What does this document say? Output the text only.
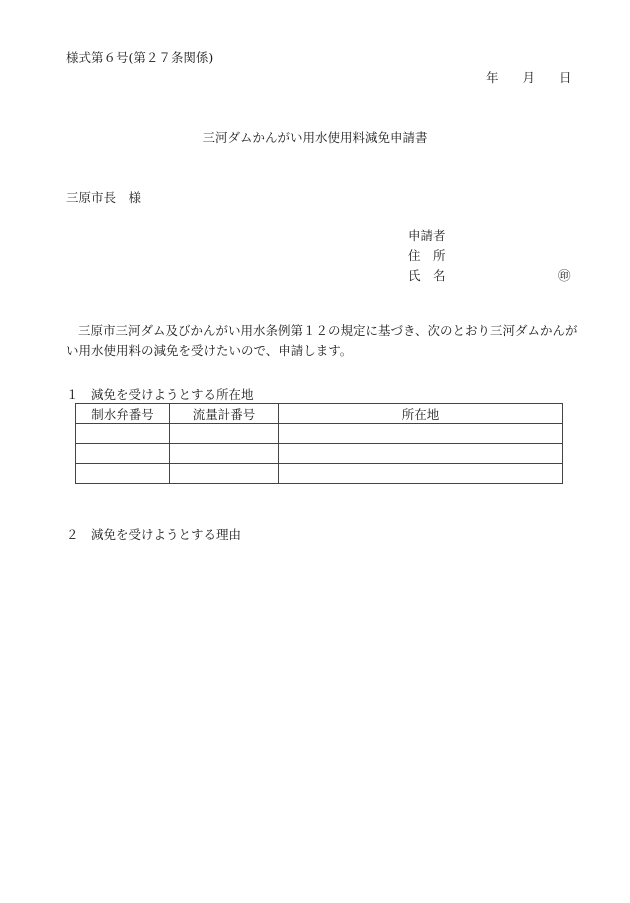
様式第６号(第２７条関係)
年 月 日
三河ダムかんがい用水使用料減免申請書
三原市長　様
申請者
住　所
氏　名	㊞
三原市三河ダム及びかんがい用水条例第１２の規定に基づき、次のとおり三河ダムかんがい用水使用料の減免を受けたいので、申請します。
１　減免を受けようとする所在地
制水弁番号	流量計番号	所在地

２　減免を受けようとする理由
